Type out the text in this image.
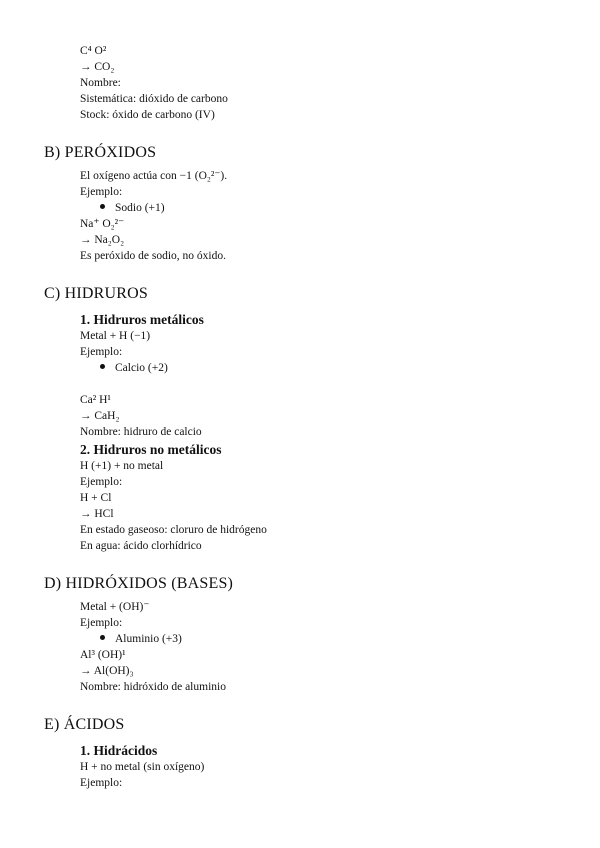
C⁴ O²
→ CO₂
Nombre:
Sistemática: dióxido de carbono
Stock: óxido de carbono (IV)
B) PERÓXIDOS
El oxígeno actúa con −1 (O₂²⁻).
Ejemplo:
Sodio (+1)
Na⁺ O₂²⁻
→ Na₂O₂
Es peróxido de sodio, no óxido.
C) HIDRUROS
1. Hidruros metálicos
Metal + H (−1)
Ejemplo:
Calcio (+2)
Ca² H¹
→ CaH₂
Nombre: hidruro de calcio
2. Hidruros no metálicos
H (+1) + no metal
Ejemplo:
H + Cl
→ HCl
En estado gaseoso: cloruro de hidrógeno
En agua: ácido clorhídrico
D) HIDRÓXIDOS (BASES)
Metal + (OH)⁻
Ejemplo:
Aluminio (+3)
Al³ (OH)¹
→ Al(OH)₃
Nombre: hidróxido de aluminio
E) ÁCIDOS
1. Hidrácidos
H + no metal (sin oxígeno)
Ejemplo:
